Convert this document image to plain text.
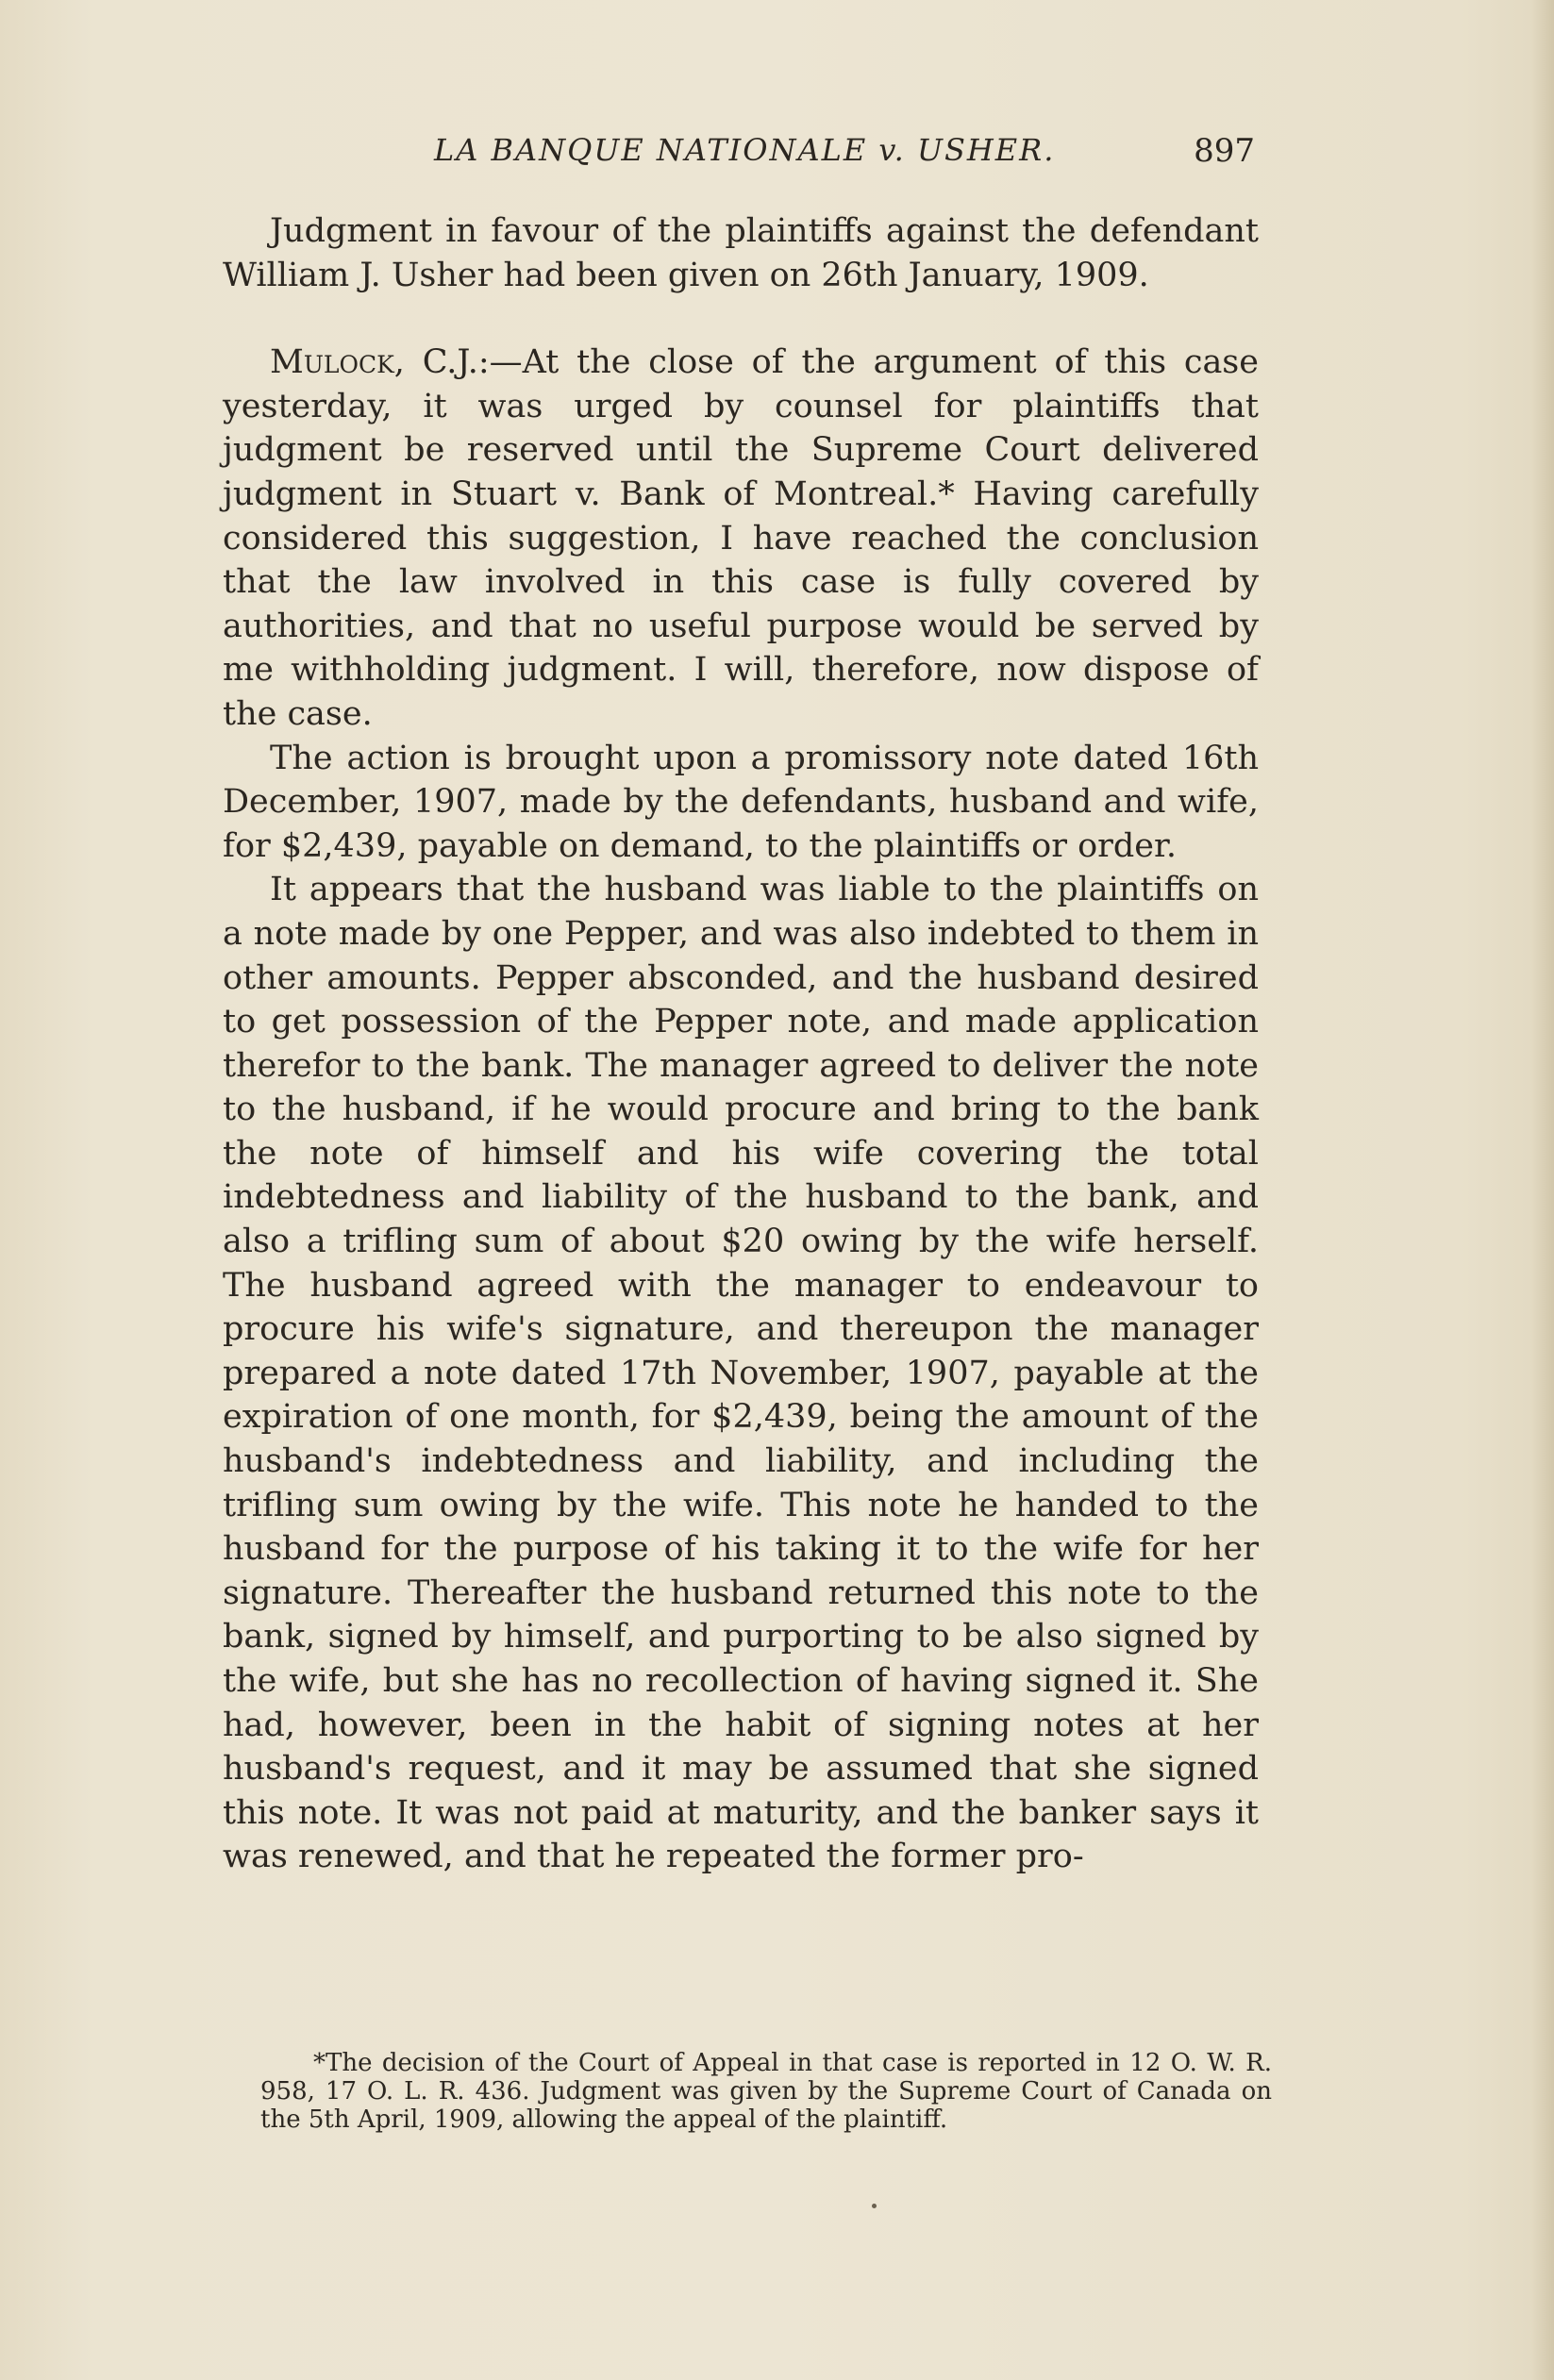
LA BANQUE NATIONALE v. USHER.	897

Judgment in favour of the plaintiffs against the defendant William J. Usher had been given on 26th January, 1909.

Mulock, C.J.:—At the close of the argument of this case yesterday, it was urged by counsel for plaintiffs that judgment be reserved until the Supreme Court delivered judgment in Stuart v. Bank of Montreal.* Having carefully considered this suggestion, I have reached the conclusion that the law involved in this case is fully covered by authorities, and that no useful purpose would be served by me withholding judgment. I will, therefore, now dispose of the case.

The action is brought upon a promissory note dated 16th December, 1907, made by the defendants, husband and wife, for $2,439, payable on demand, to the plaintiffs or order.

It appears that the husband was liable to the plaintiffs on a note made by one Pepper, and was also indebted to them in other amounts. Pepper absconded, and the husband desired to get possession of the Pepper note, and made application therefor to the bank. The manager agreed to deliver the note to the husband, if he would procure and bring to the bank the note of himself and his wife covering the total indebtedness and liability of the husband to the bank, and also a trifling sum of about $20 owing by the wife herself. The husband agreed with the manager to endeavour to procure his wife's signature, and thereupon the manager prepared a note dated 17th November, 1907, payable at the expiration of one month, for $2,439, being the amount of the husband's indebtedness and liability, and including the trifling sum owing by the wife. This note he handed to the husband for the purpose of his taking it to the wife for her signature. Thereafter the husband returned this note to the bank, signed by himself, and purporting to be also signed by the wife, but she has no recollection of having signed it. She had, however, been in the habit of signing notes at her husband's request, and it may be assumed that she signed this note. It was not paid at maturity, and the banker says it was renewed, and that he repeated the former pro-

*The decision of the Court of Appeal in that case is reported in 12 O. W. R. 958, 17 O. L. R. 436. Judgment was given by the Supreme Court of Canada on the 5th April, 1909, allowing the appeal of the plaintiff.
